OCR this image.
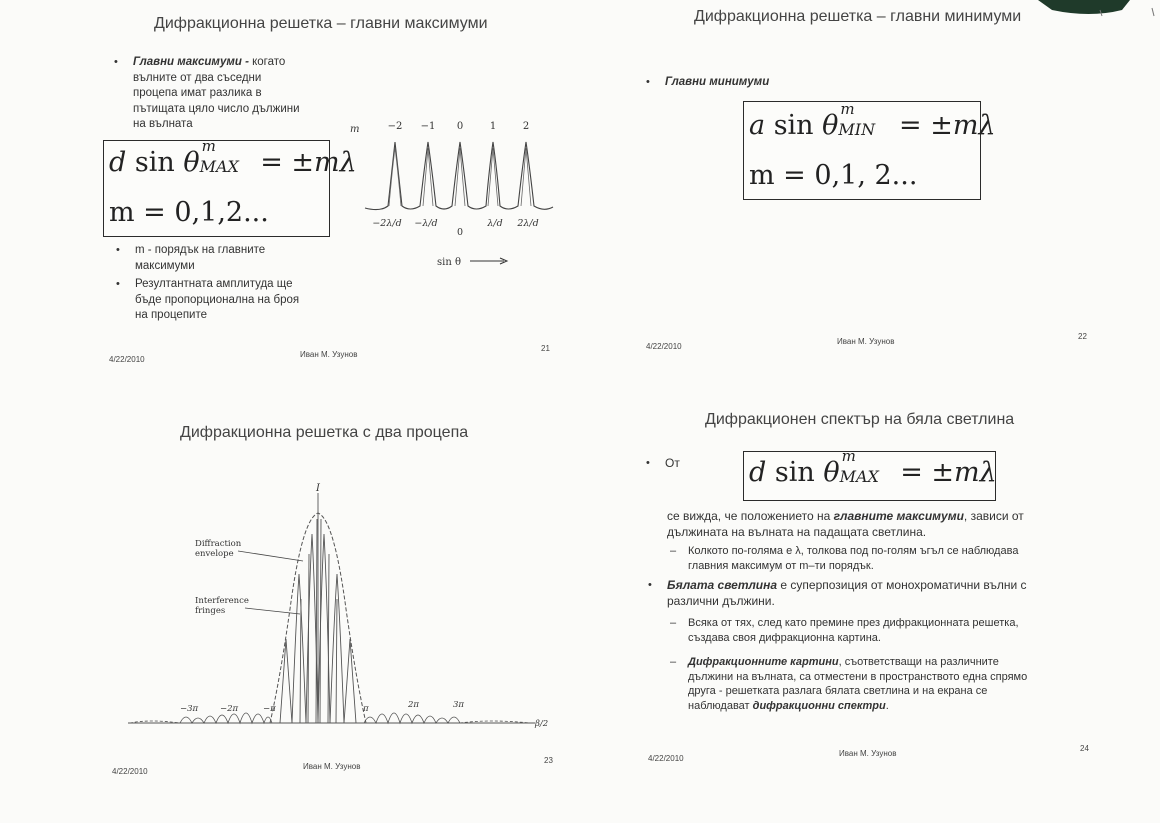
Дифракционна решетка – главни максимуми
• Главни максимуми - когато
вълните от два съседни
процепа имат разлика в
пътищата цяло число дължини
на вълната
d sin θ
m
MAX = ±mλ
m = 0,1,2...
• m - порядък на главните
максимуми
• Резултантната амплитуда ще
бъде пропорционална на броя
на процепите
m	−2 −1 0	1	2
−2λ/d −λ/d
0
λ/d 2λ/d
sin θ
4/22/2010
Иван М. Узунов
21
Дифракционна решетка – главни минимуми
• Главни минимуми
a sin θ
m
MIN = ±mλ
m = 0,1, 2...
4/22/2010
Иван М. Узунов
22
Дифракционна решетка с два процепа
I
Diffraction
envelope
Interference
fringes
−3π	−2π	−π	π	2π	3π
β/2
4/22/2010
Иван М. Узунов
23
Дифракционен спектър на бяла светлина
• От	d sin θ
m
MAX = ±mλ
се вижда, че положението на главните максимуми, зависи от
дължината на вълната на падащата светлина.
– Колкото по-голяма е λ, толкова под по-голям ъгъл се наблюдава
главния максимум от m–ти порядък.
• Бялата светлина е суперпозиция от монохроматични вълни с
различни дължини.
– Всяка от тях, след като премине през дифракционната решетка,
създава своя дифракционна картина.
– Дифракционните картини, съответстващи на различните
дължини на вълната, са отместени в пространството една спрямо
друга - решетката разлага бялата светлина и на екрана се
наблюдават дифракционни спектри.
4/22/2010
Иван М. Узунов
24
